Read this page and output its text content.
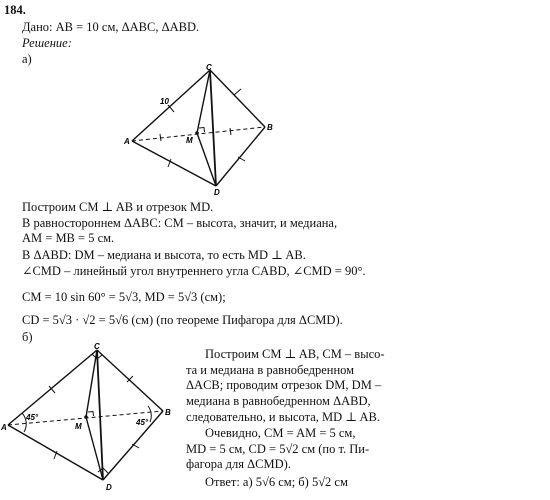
184.
Дано: AB = 10 см, ΔABC, ΔABD.
Решение:
а)
C
A
B
D
M
10
Построим CM ⊥ AB и отрезок MD.
В равностороннем ΔABC: CM – высота, значит, и медиана,
AM = MB = 5 см.
В ΔABD: DM – медиана и высота, то есть MD ⊥ AB.
∠CMD – линейный угол внутреннего угла CABD, ∠CMD = 90°.
CM = 10 sin 60° = 5√3, MD = 5√3 (см);
CD = 5√3 · √2 = 5√6 (см) (по теореме Пифагора для ΔCMD).
б)
C
A
B
D
M
45°
45°
Построим CM ⊥ AB, CM – высо-
та и медиана в равнобедренном
ΔACB; проводим отрезок DM, DM –
медиана в равнобедренном ΔABD,
следовательно, и высота, MD ⊥ AB.
Очевидно, CM = AM = 5 см,
MD = 5 см, CD = 5√2 см (по т. Пи-
фагора для ΔCMD).
Ответ: а) 5√6 см; б) 5√2 см
